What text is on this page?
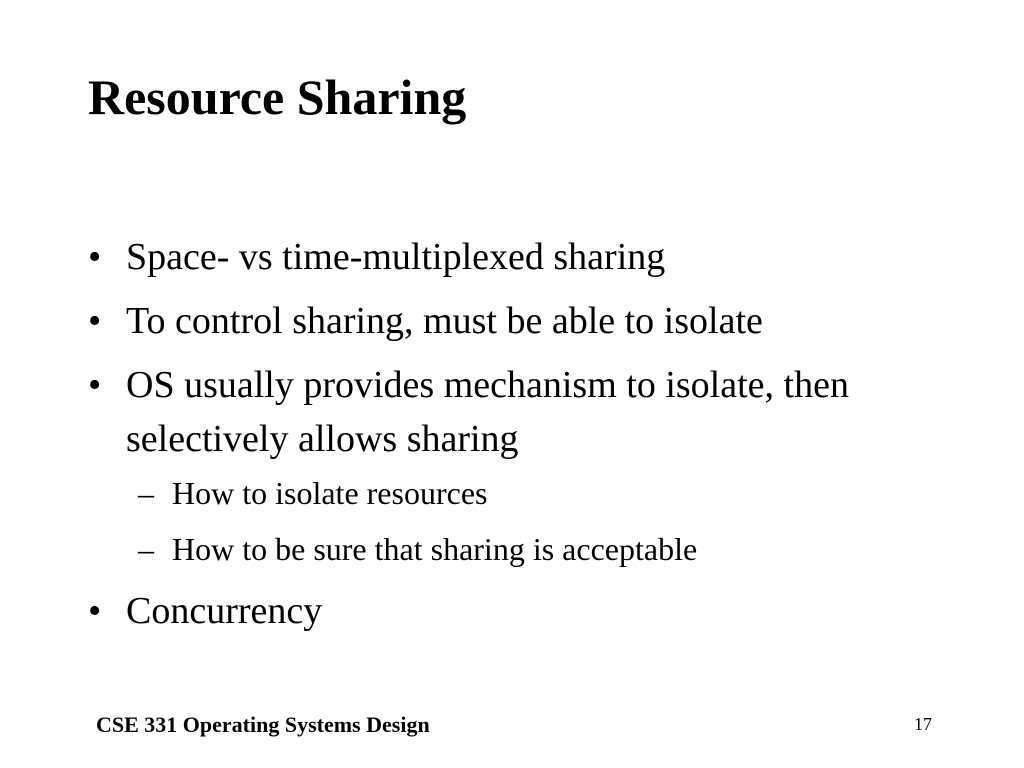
Resource Sharing
• Space- vs time-multiplexed sharing
• To control sharing, must be able to isolate
• OS usually provides mechanism to isolate, then selectively allows sharing
– How to isolate resources
– How to be sure that sharing is acceptable
• Concurrency
CSE 331 Operating Systems Design	17
